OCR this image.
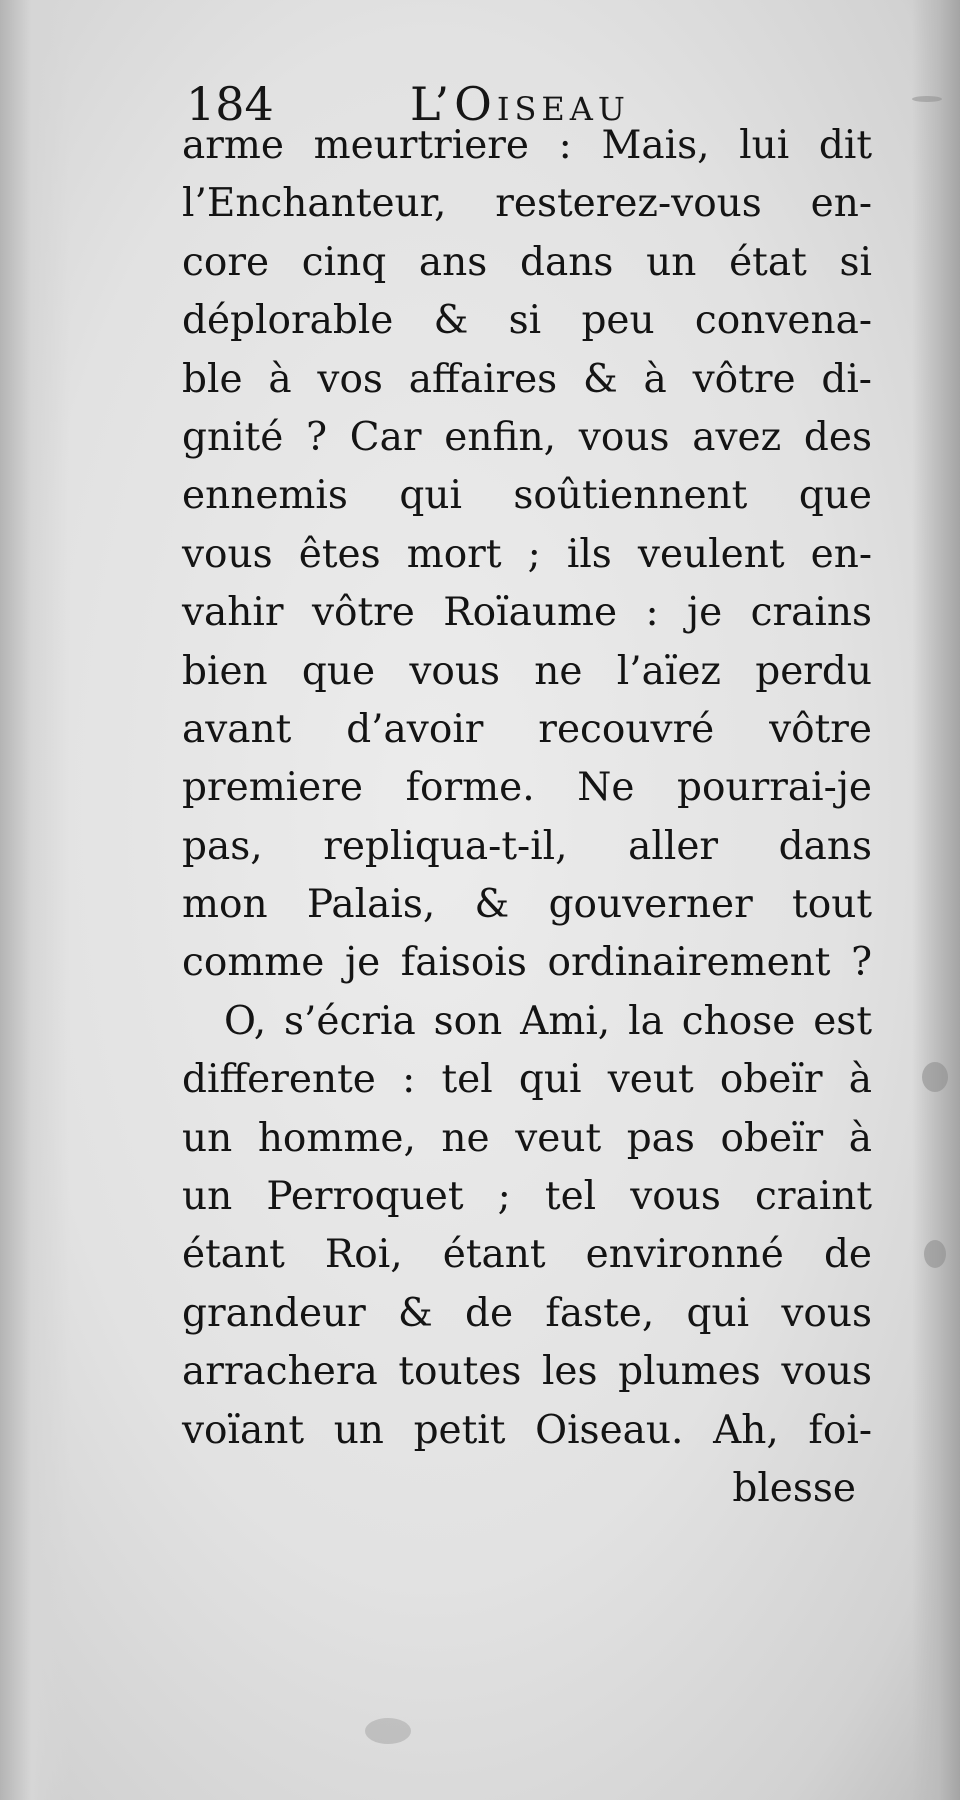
184	L’Oiseau
arme meurtriere : Mais, lui dit
l’Enchanteur, resterez-vous en-
core cinq ans dans un état si
déplorable & si peu convena-
ble à vos affaires & à vôtre di-
gnité ? Car enfin, vous avez des
ennemis qui soûtiennent que
vous êtes mort ; ils veulent en-
vahir vôtre Roïaume : je crains
bien que vous ne l’aïez perdu
avant d’avoir recouvré vôtre
premiere forme. Ne pourrai-je
pas, repliqua-t-il, aller dans
mon Palais, & gouverner tout
comme je faisois ordinairement ?
O, s’écria son Ami, la chose est
differente : tel qui veut obeïr à
un homme, ne veut pas obeïr à
un Perroquet ; tel vous craint
étant Roi, étant environné de
grandeur & de faste, qui vous
arrachera toutes les plumes vous
voïant un petit Oiseau. Ah, foi-
blesse
